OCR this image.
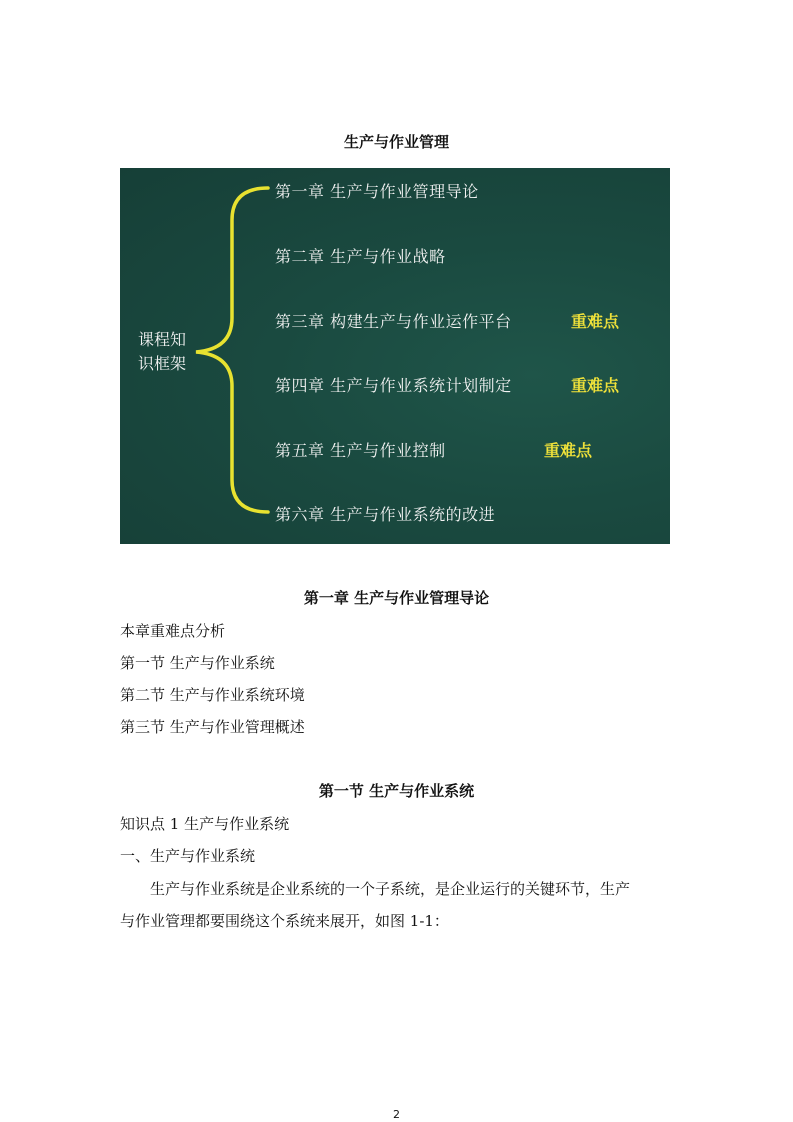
生产与作业管理
课程知
识框架
第一章 生产与作业管理导论
第二章 生产与作业战略
第三章 构建生产与作业运作平台	重难点
第四章 生产与作业系统计划制定	重难点
第五章 生产与作业控制	重难点
第六章 生产与作业系统的改进
第一章 生产与作业管理导论
本章重难点分析
第一节 生产与作业系统
第二节 生产与作业系统环境
第三节 生产与作业管理概述
第一节 生产与作业系统
知识点 1 生产与作业系统
一、生产与作业系统
生产与作业系统是企业系统的一个子系统，是企业运行的关键环节，生产
与作业管理都要围绕这个系统来展开，如图 1-1：
2
